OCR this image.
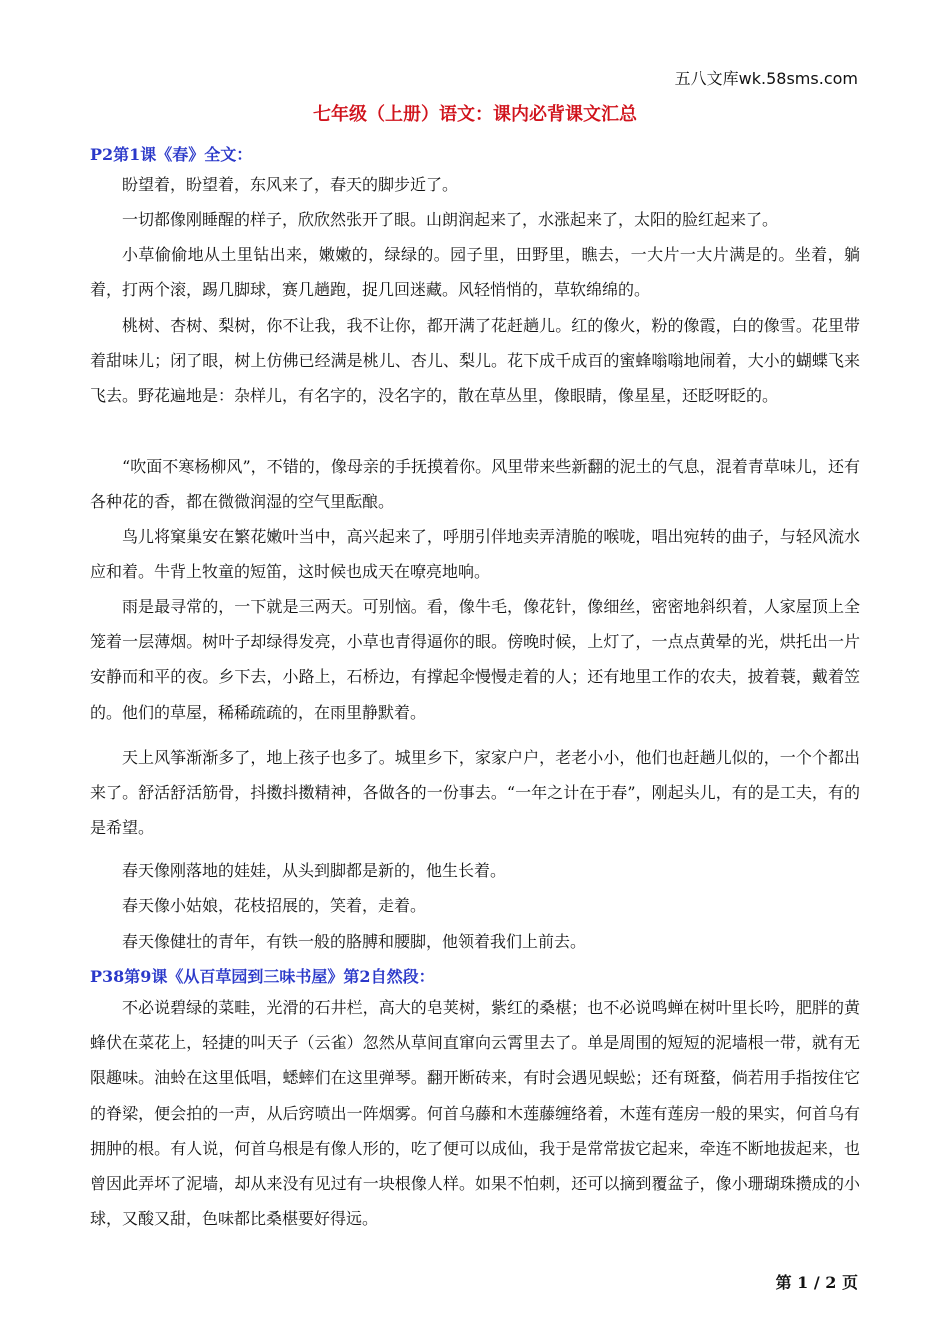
五八文库wk.58sms.com
七年级（上册）语文：课内必背课文汇总
P2第1课《春》全文：

盼望着，盼望着，东风来了，春天的脚步近了。

一切都像刚睡醒的样子，欣欣然张开了眼。山朗润起来了，水涨起来了，太阳的脸红起来了。

小草偷偷地从土里钻出来，嫩嫩的，绿绿的。园子里，田野里，瞧去，一大片一大片满是的。坐着，躺着，打两个滚，踢几脚球，赛几趟跑，捉几回迷藏。风轻悄悄的，草软绵绵的。

桃树、杏树、梨树，你不让我，我不让你，都开满了花赶趟儿。红的像火，粉的像霞，白的像雪。花里带着甜味儿；闭了眼，树上仿佛已经满是桃儿、杏儿、梨儿。花下成千成百的蜜蜂嗡嗡地闹着，大小的蝴蝶飞来飞去。野花遍地是：杂样儿，有名字的，没名字的，散在草丛里，像眼睛，像星星，还眨呀眨的。

“吹面不寒杨柳风”，不错的，像母亲的手抚摸着你。风里带来些新翻的泥土的气息，混着青草味儿，还有各种花的香，都在微微润湿的空气里酝酿。

鸟儿将窠巢安在繁花嫩叶当中，高兴起来了，呼朋引伴地卖弄清脆的喉咙，唱出宛转的曲子，与轻风流水应和着。牛背上牧童的短笛，这时候也成天在嘹亮地响。

雨是最寻常的，一下就是三两天。可别恼。看，像牛毛，像花针，像细丝，密密地斜织着，人家屋顶上全笼着一层薄烟。树叶子却绿得发亮，小草也青得逼你的眼。傍晚时候，上灯了，一点点黄晕的光，烘托出一片安静而和平的夜。乡下去，小路上，石桥边，有撑起伞慢慢走着的人；还有地里工作的农夫，披着蓑，戴着笠的。他们的草屋，稀稀疏疏的，在雨里静默着。

天上风筝渐渐多了，地上孩子也多了。城里乡下，家家户户，老老小小，他们也赶趟儿似的，一个个都出来了。舒活舒活筋骨，抖擞抖擞精神，各做各的一份事去。“一年之计在于春”，刚起头儿，有的是工夫，有的是希望。

春天像刚落地的娃娃，从头到脚都是新的，他生长着。

春天像小姑娘，花枝招展的，笑着，走着。

春天像健壮的青年，有铁一般的胳膊和腰脚，他领着我们上前去。

P38第9课《从百草园到三味书屋》第2自然段：

不必说碧绿的菜畦，光滑的石井栏，高大的皂荚树，紫红的桑椹；也不必说鸣蝉在树叶里长吟，肥胖的黄蜂伏在菜花上，轻捷的叫天子（云雀）忽然从草间直窜向云霄里去了。单是周围的短短的泥墙根一带，就有无限趣味。油蛉在这里低唱，蟋蟀们在这里弹琴。翻开断砖来，有时会遇见蜈蚣；还有斑蝥，倘若用手指按住它的脊梁，便会拍的一声，从后窍喷出一阵烟雾。何首乌藤和木莲藤缠络着，木莲有莲房一般的果实，何首乌有拥肿的根。有人说，何首乌根是有像人形的，吃了便可以成仙，我于是常常拔它起来，牵连不断地拔起来，也曾因此弄坏了泥墙，却从来没有见过有一块根像人样。如果不怕刺，还可以摘到覆盆子，像小珊瑚珠攒成的小球，又酸又甜，色味都比桑椹要好得远。

第 1 / 2 页
